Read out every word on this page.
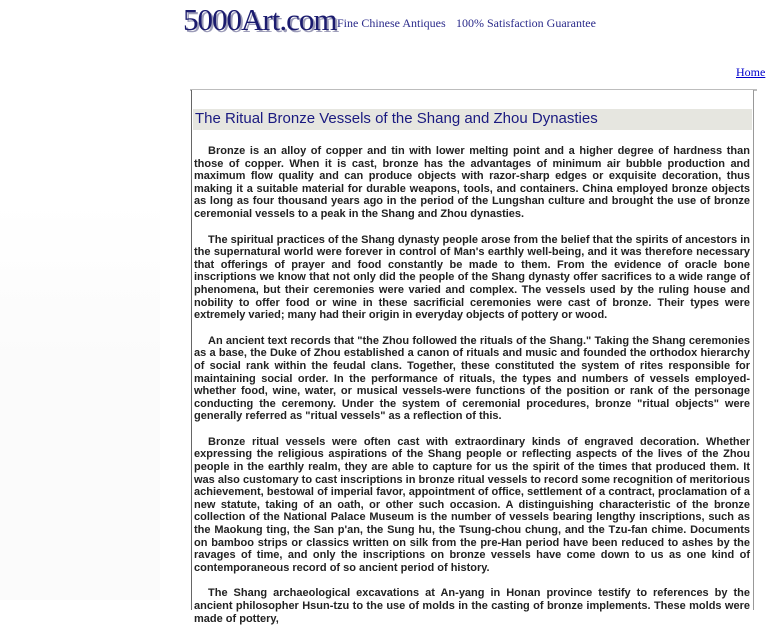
5000Art.com Fine Chinese Antiques 100% Satisfaction Guarantee
Home
The Ritual Bronze Vessels of the Shang and Zhou Dynasties

Bronze is an alloy of copper and tin with lower melting point and a higher degree of hardness than those of copper. When it is cast, bronze has the advantages of minimum air bubble production and maximum flow quality and can produce objects with razor-sharp edges or exquisite decoration, thus making it a suitable material for durable weapons, tools, and containers. China employed bronze objects as long as four thousand years ago in the period of the Lungshan culture and brought the use of bronze ceremonial vessels to a peak in the Shang and Zhou dynasties.

The spiritual practices of the Shang dynasty people arose from the belief that the spirits of ancestors in the supernatural world were forever in control of Man's earthly well-being, and it was therefore necessary that offerings of prayer and food constantly be made to them. From the evidence of oracle bone inscriptions we know that not only did the people of the Shang dynasty offer sacrifices to a wide range of phenomena, but their ceremonies were varied and complex. The vessels used by the ruling house and nobility to offer food or wine in these sacrificial ceremonies were cast of bronze. Their types were extremely varied; many had their origin in everyday objects of pottery or wood.

An ancient text records that "the Zhou followed the rituals of the Shang." Taking the Shang ceremonies as a base, the Duke of Zhou established a canon of rituals and music and founded the orthodox hierarchy of social rank within the feudal clans. Together, these constituted the system of rites responsible for maintaining social order. In the performance of rituals, the types and numbers of vessels employed-whether food, wine, water, or musical vessels-were functions of the position or rank of the personage conducting the ceremony. Under the system of ceremonial procedures, bronze "ritual objects" were generally referred as "ritual vessels" as a reflection of this.

Bronze ritual vessels were often cast with extraordinary kinds of engraved decoration. Whether expressing the religious aspirations of the Shang people or reflecting aspects of the lives of the Zhou people in the earthly realm, they are able to capture for us the spirit of the times that produced them. It was also customary to cast inscriptions in bronze ritual vessels to record some recognition of meritorious achievement, bestowal of imperial favor, appointment of office, settlement of a contract, proclamation of a new statute, taking of an oath, or other such occasion. A distinguishing characteristic of the bronze collection of the National Palace Museum is the number of vessels bearing lengthy inscriptions, such as the Maokung ting, the San p'an, the Sung hu, the Tsung-chou chung, and the Tzu-fan chime. Documents on bamboo strips or classics written on silk from the pre-Han period have been reduced to ashes by the ravages of time, and only the inscriptions on bronze vessels have come down to us as one kind of contemporaneous record of so ancient period of history.

The Shang archaeological excavations at An-yang in Honan province testify to references by the ancient philosopher Hsun-tzu to the use of molds in the casting of bronze implements. These molds were made of pottery,
